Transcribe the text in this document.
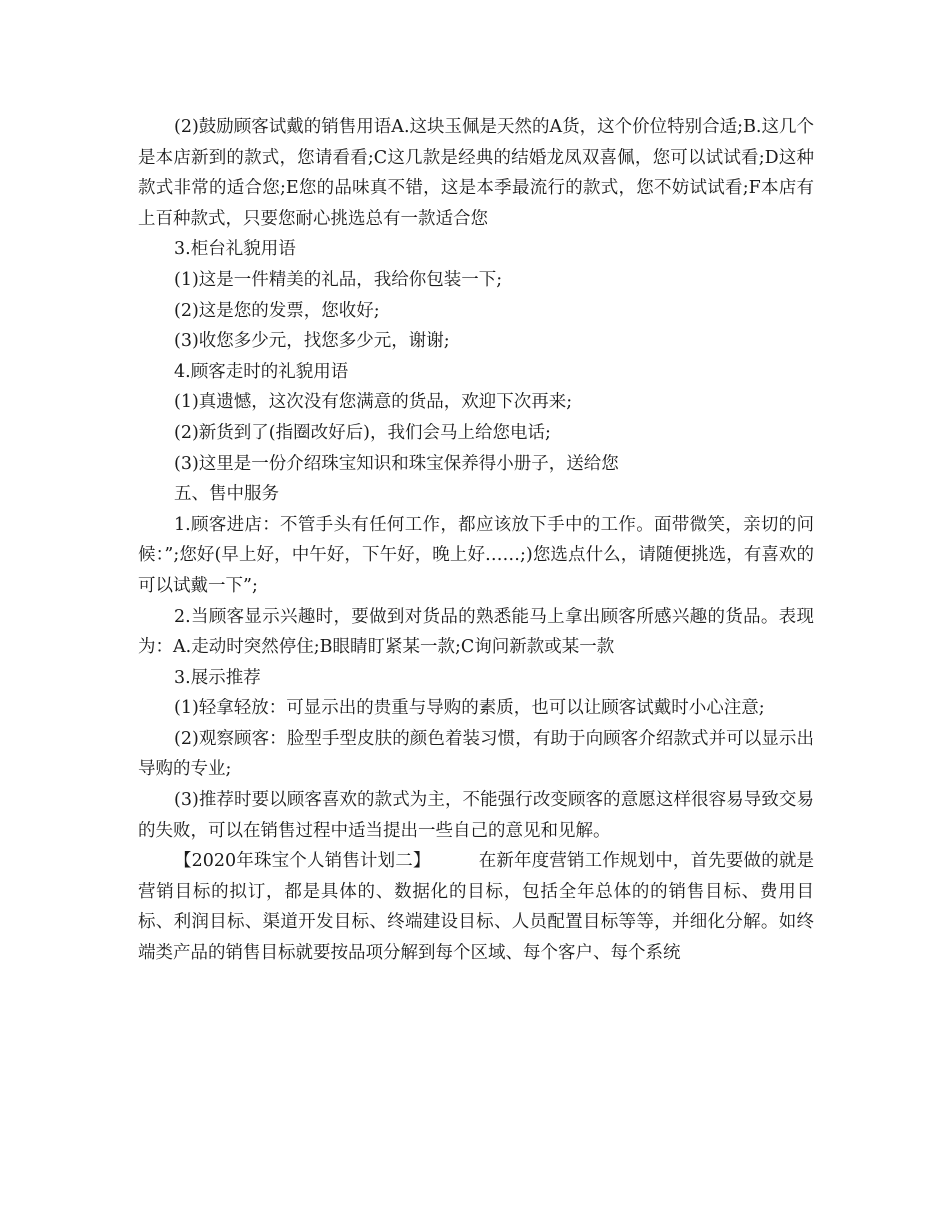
(2)鼓励顾客试戴的销售用语A.这块玉佩是天然的A货，这个价位特别合适;B.这几个是本店新到的款式，您请看看;C这几款是经典的结婚龙凤双喜佩，您可以试试看;D这种款式非常的适合您;E您的品味真不错，这是本季最流行的款式，您不妨试试看;F本店有上百种款式，只要您耐心挑选总有一款适合您

3.柜台礼貌用语

(1)这是一件精美的礼品，我给你包装一下;

(2)这是您的发票，您收好;

(3)收您多少元，找您多少元，谢谢;

4.顾客走时的礼貌用语

(1)真遗憾，这次没有您满意的货品，欢迎下次再来;

(2)新货到了(指圈改好后)，我们会马上给您电话;

(3)这里是一份介绍珠宝知识和珠宝保养得小册子，送给您

五、售中服务

1.顾客进店：不管手头有任何工作，都应该放下手中的工作。面带微笑，亲切的问候：”;您好(早上好，中午好，下午好，晚上好……;)您选点什么，请随便挑选，有喜欢的可以试戴一下”;

2.当顾客显示兴趣时，要做到对货品的熟悉能马上拿出顾客所感兴趣的货品。表现为：A.走动时突然停住;B眼睛盯紧某一款;C询问新款或某一款

3.展示推荐

(1)轻拿轻放：可显示出的贵重与导购的素质，也可以让顾客试戴时小心注意;

(2)观察顾客：脸型手型皮肤的颜色着装习惯，有助于向顾客介绍款式并可以显示出导购的专业;

(3)推荐时要以顾客喜欢的款式为主，不能强行改变顾客的意愿这样很容易导致交易的失败，可以在销售过程中适当提出一些自己的意见和见解。

【2020年珠宝个人销售计划二】	在新年度营销工作规划中，首先要做的就是营销目标的拟订，都是具体的、数据化的目标，包括全年总体的的销售目标、费用目标、利润目标、渠道开发目标、终端建设目标、人员配置目标等等，并细化分解。如终端类产品的销售目标就要按品项分解到每个区域、每个客户、每个系统
